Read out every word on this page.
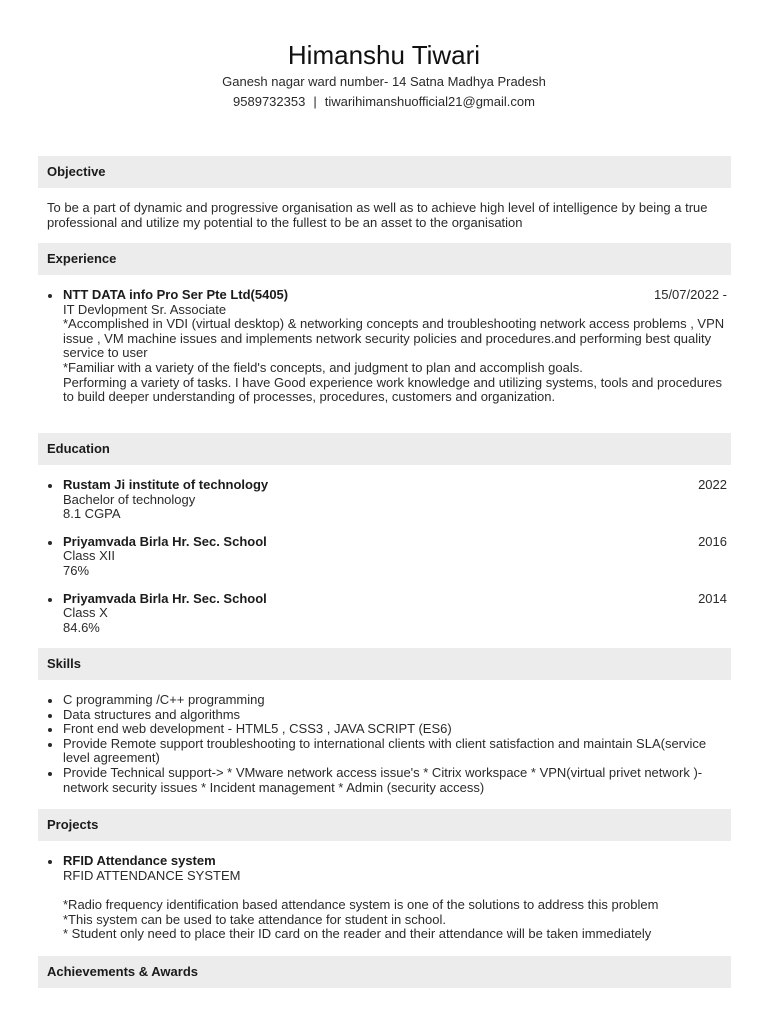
Himanshu Tiwari
Ganesh nagar ward number- 14 Satna Madhya Pradesh
9589732353 | tiwarihimanshuofficial21@gmail.com
Objective

To be a part of dynamic and progressive organisation as well as to achieve high level of intelligence by being a true professional and utilize my potential to the fullest to be an asset to the organisation

Experience
NTT DATA info Pro Ser Pte Ltd(5405)	15/07/2022 -
IT Devlopment Sr. Associate
*Accomplished in VDI (virtual desktop) & networking concepts and troubleshooting network access problems , VPN issue , VM machine issues and implements network security policies and procedures.and performing best quality service to user
*Familiar with a variety of the field's concepts, and judgment to plan and accomplish goals.
Performing a variety of tasks. I have Good experience work knowledge and utilizing systems, tools and procedures to build deeper understanding of processes, procedures, customers and organization.
Education
Rustam Ji institute of technology	2022
Bachelor of technology
8.1 CGPA
Priyamvada Birla Hr. Sec. School	2016
Class XII
76%
Priyamvada Birla Hr. Sec. School	2014
Class X
84.6%
Skills
C programming /C++ programming
Data structures and algorithms
Front end web development - HTML5 , CSS3 , JAVA SCRIPT (ES6)
Provide Remote support troubleshooting to international clients with client satisfaction and maintain SLA(service level agreement)
Provide Technical support-> * VMware network access issue's * Citrix workspace * VPN(virtual privet network )-network security issues * Incident management * Admin (security access)
Projects
RFID Attendance system
RFID ATTENDANCE SYSTEM
*Radio frequency identification based attendance system is one of the solutions to address this problem
*This system can be used to take attendance for student in school.
* Student only need to place their ID card on the reader and their attendance will be taken immediately
Achievements & Awards
